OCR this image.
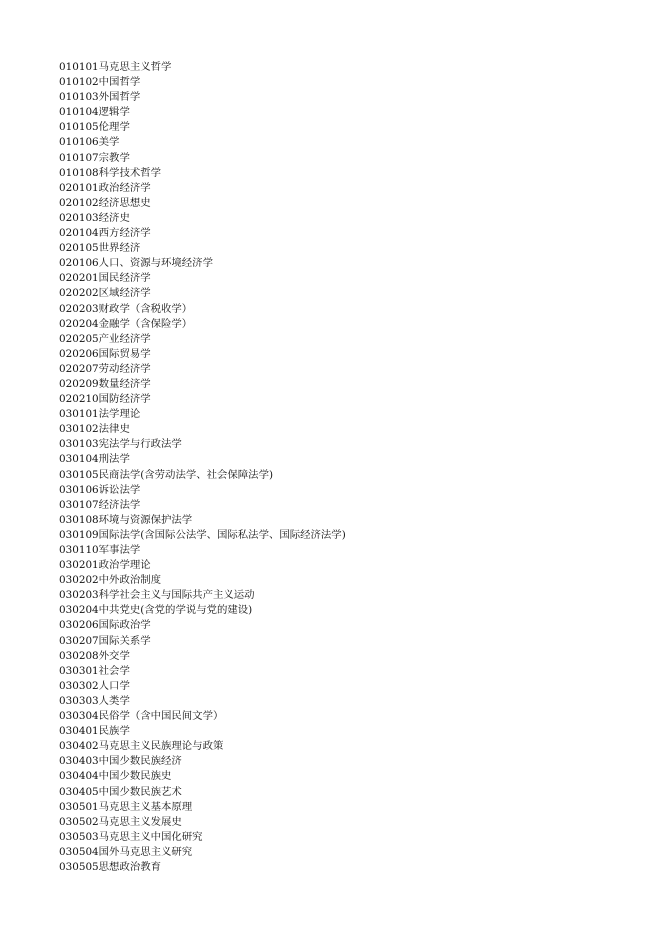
010101马克思主义哲学
010102中国哲学
010103外国哲学
010104逻辑学
010105伦理学
010106美学
010107宗教学
010108科学技术哲学
020101政治经济学
020102经济思想史
020103经济史
020104西方经济学
020105世界经济
020106人口、资源与环境经济学
020201国民经济学
020202区域经济学
020203财政学（含税收学）
020204金融学（含保险学）
020205产业经济学
020206国际贸易学
020207劳动经济学
020209数量经济学
020210国防经济学
030101法学理论
030102法律史
030103宪法学与行政法学
030104刑法学
030105民商法学(含劳动法学、社会保障法学)
030106诉讼法学
030107经济法学
030108环境与资源保护法学
030109国际法学(含国际公法学、国际私法学、国际经济法学)
030110军事法学
030201政治学理论
030202中外政治制度
030203科学社会主义与国际共产主义运动
030204中共党史(含党的学说与党的建设)
030206国际政治学
030207国际关系学
030208外交学
030301社会学
030302人口学
030303人类学
030304民俗学（含中国民间文学）
030401民族学
030402马克思主义民族理论与政策
030403中国少数民族经济
030404中国少数民族史
030405中国少数民族艺术
030501马克思主义基本原理
030502马克思主义发展史
030503马克思主义中国化研究
030504国外马克思主义研究
030505思想政治教育
